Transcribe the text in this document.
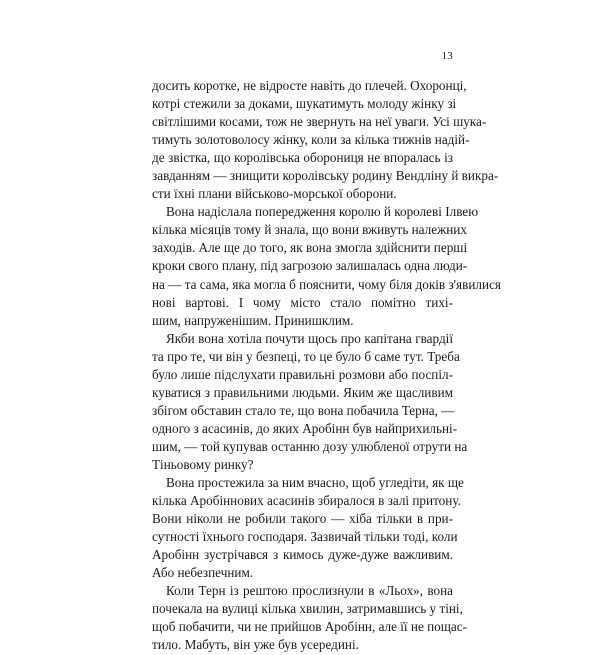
13

досить коротке, не відросте навіть до плечей. Охоронці,
котрі стежили за доками, шукатимуть молоду жінку зі
світлішими косами, тож не звернуть на неї уваги. Усі шука-
тимуть золотоволосу жінку, коли за кілька тижнів надій-
де звістка, що королівська оборониця не впоралась із
завданням — знищити королівську родину Вендліну й викра-
сти їхні плани військово-морської оборони.

Вона надіслала попередження королю й королеві Ілвею
кілька місяців тому й знала, що вони вживуть належних
заходів. Але ще до того, як вона змогла здійснити перші
кроки свого плану, під загрозою залишалась одна люди-
на — та сама, яка могла б пояснити, чому біля доків з'явилися
нові вартові. І чому місто стало помітно тихі-
шим, напруженішим. Принишклим.

Якби вона хотіла почути щось про капітана гвардії
та про те, чи він у безпеці, то це було б саме тут. Треба
було лише підслухати правильні розмови або поспіл-
куватися з правильними людьми. Яким же щасливим
збігом обставин стало те, що вона побачила Терна, —
одного з асасинів, до яких Аробінн був найприхильні-
шим, — той купував останню дозу улюбленої отрути на
Тіньовому ринку?

Вона простежила за ним вчасно, щоб угледіти, як ще
кілька Аробіннових асасинів збиралося в залі притону.
Вони ніколи не робили такого — хіба тільки в при-
сутності їхнього господаря. Зазвичай тільки тоді, коли
Аробінн зустрічався з кимось дуже-дуже важливим.
Або небезпечним.

Коли Терн із рештою прослизнули в «Льох», вона
почекала на вулиці кілька хвилин, затримавшись у тіні,
щоб побачити, чи не прийшов Аробінн, але її не пощас-
тило. Мабуть, він уже був усередині.
